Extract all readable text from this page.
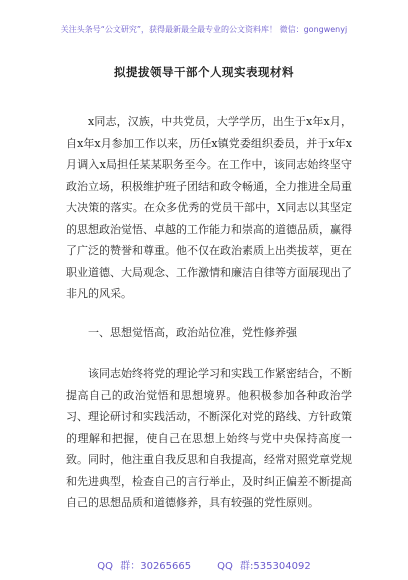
关注头条号“公文研究”，获得最新最全最专业的公文资料库！ 微信：gongwenyj
拟提拔领导干部个人现实表现材料

x同志，汉族，中共党员，大学学历，出生于x年x月，自x年x月参加工作以来，历任x镇党委组织委员，并于x年x月调入x局担任某某职务至今。在工作中，该同志始终坚守政治立场，积极维护班子团结和政令畅通，全力推进全局重大决策的落实。在众多优秀的党员干部中，X同志以其坚定的思想政治觉悟、卓越的工作能力和崇高的道德品质，赢得了广泛的赞誉和尊重。他不仅在政治素质上出类拔萃，更在职业道德、大局观念、工作激情和廉洁自律等方面展现出了非凡的风采。

一、思想觉悟高，政治站位准，党性修养强

该同志始终将党的理论学习和实践工作紧密结合，不断提高自己的政治觉悟和思想境界。他积极参加各种政治学习、理论研讨和实践活动，不断深化对党的路线、方针政策的理解和把握，使自己在思想上始终与党中央保持高度一致。同时，他注重自我反思和自我提高，经常对照党章党规和先进典型，检查自己的言行举止，及时纠正偏差不断提高自己的思想品质和道德修养，具有较强的党性原则。

QQ 群：30265665	QQ 群:535304092
